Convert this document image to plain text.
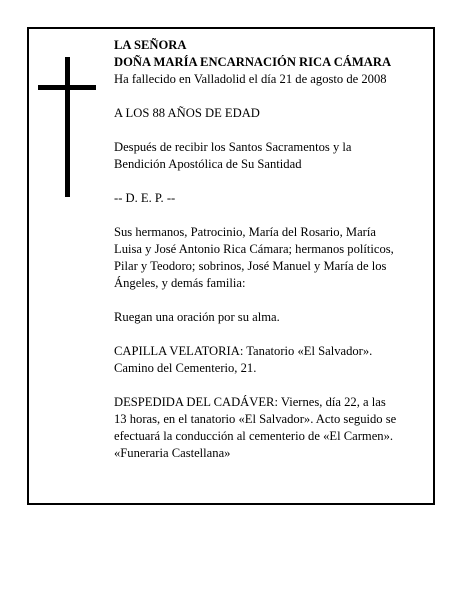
LA SEÑORA
DOÑA MARÍA ENCARNACIÓN RICA CÁMARA
Ha fallecido en Valladolid el día 21 de agosto de 2008
A LOS 88 AÑOS DE EDAD
Después de recibir los Santos Sacramentos y la
Bendición Apostólica de Su Santidad
-- D. E. P. --
Sus hermanos, Patrocinio, María del Rosario, María
Luisa y José Antonio Rica Cámara; hermanos políticos,
Pilar y Teodoro; sobrinos, José Manuel y María de los
Ángeles, y demás familia:
Ruegan una oración por su alma.
CAPILLA VELATORIA: Tanatorio «El Salvador».
Camino del Cementerio, 21.
DESPEDIDA DEL CADÁVER: Viernes, día 22, a las
13 horas, en el tanatorio «El Salvador». Acto seguido se
efectuará la conducción al cementerio de «El Carmen».
«Funeraria Castellana»
